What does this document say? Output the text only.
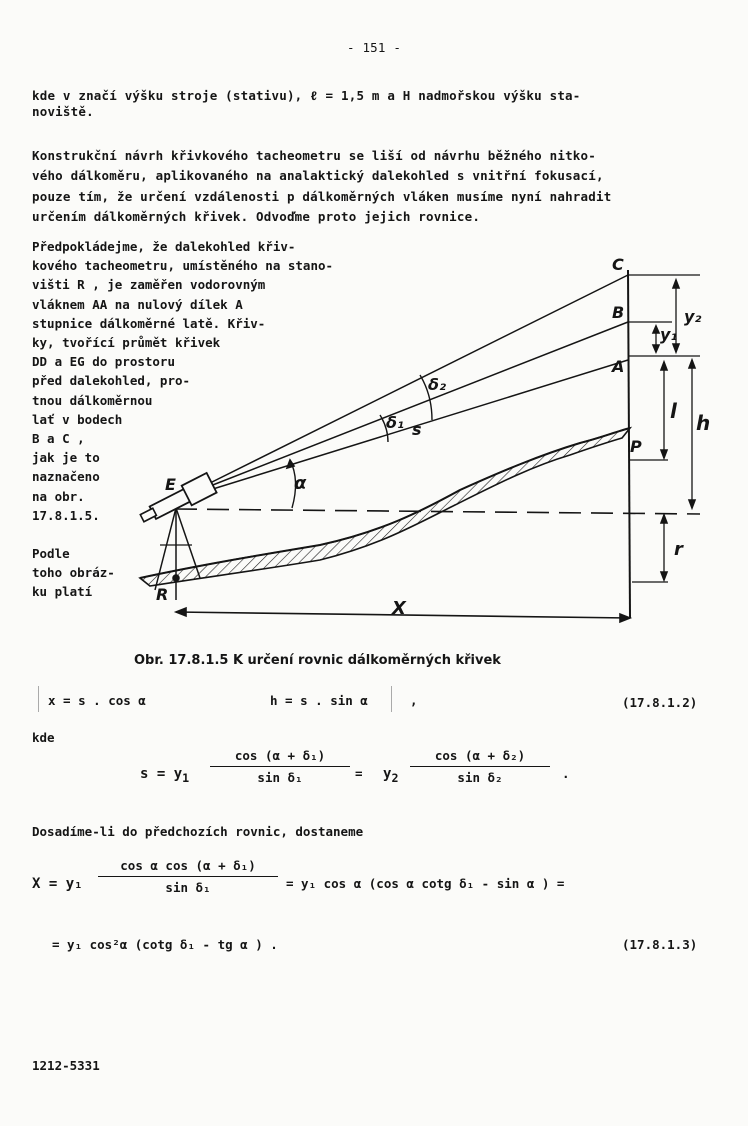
- 151 -
kde v značí výšku stroje (stativu), ℓ = 1,5 m a H nadmořskou výšku sta-
noviště.
Konstrukční návrh křivkového tacheometru se liší od návrhu běžného nitko-
vého dálkoměru, aplikovaného na analaktický dalekohled s vnitřní fokusací,
pouze tím, že určení vzdálenosti p dálkoměrných vláken musíme nyní nahradit
určením dálkoměrných křivek. Odvoďme proto jejich rovnice.
Předpokládejme, že dalekohled křiv-
kového tacheometru, umístěného na stano-
višti R , je zaměřen vodorovným
vláknem AA na nulový dílek A
stupnice dálkoměrné latě. Křiv-
ky, tvořící průmět křivek
DD a EG do prostoru
před dalekohled, pro-
tnou dálkoměrnou
lať v bodech
B a C ,
jak je to
naznačeno
na obr.
17.8.1.5.
Podle
toho obráz-
ku platí
C
B
A
P
E
R
y₂
y₁
l h
r
X
s
α
δ₂
δ₁
Obr. 17.8.1.5 K určení rovnic dálkoměrných křivek
x = s . cos α	h = s . sin α	,	(17.8.1.2)
kde
$s = y_1$
cos (α + δ₁)
sin δ₁	= $y_2$
cos (α + δ₂)
sin δ₂	.
Dosadíme-li do předchozích rovnic, dostaneme
X = y₁
cos α cos (α + δ₁)
sin δ₁	= y₁ cos α (cos α cotg δ₁ - sin α ) =
= y₁ cos²α (cotg δ₁ - tg α ) .	(17.8.1.3)
1212-5331
